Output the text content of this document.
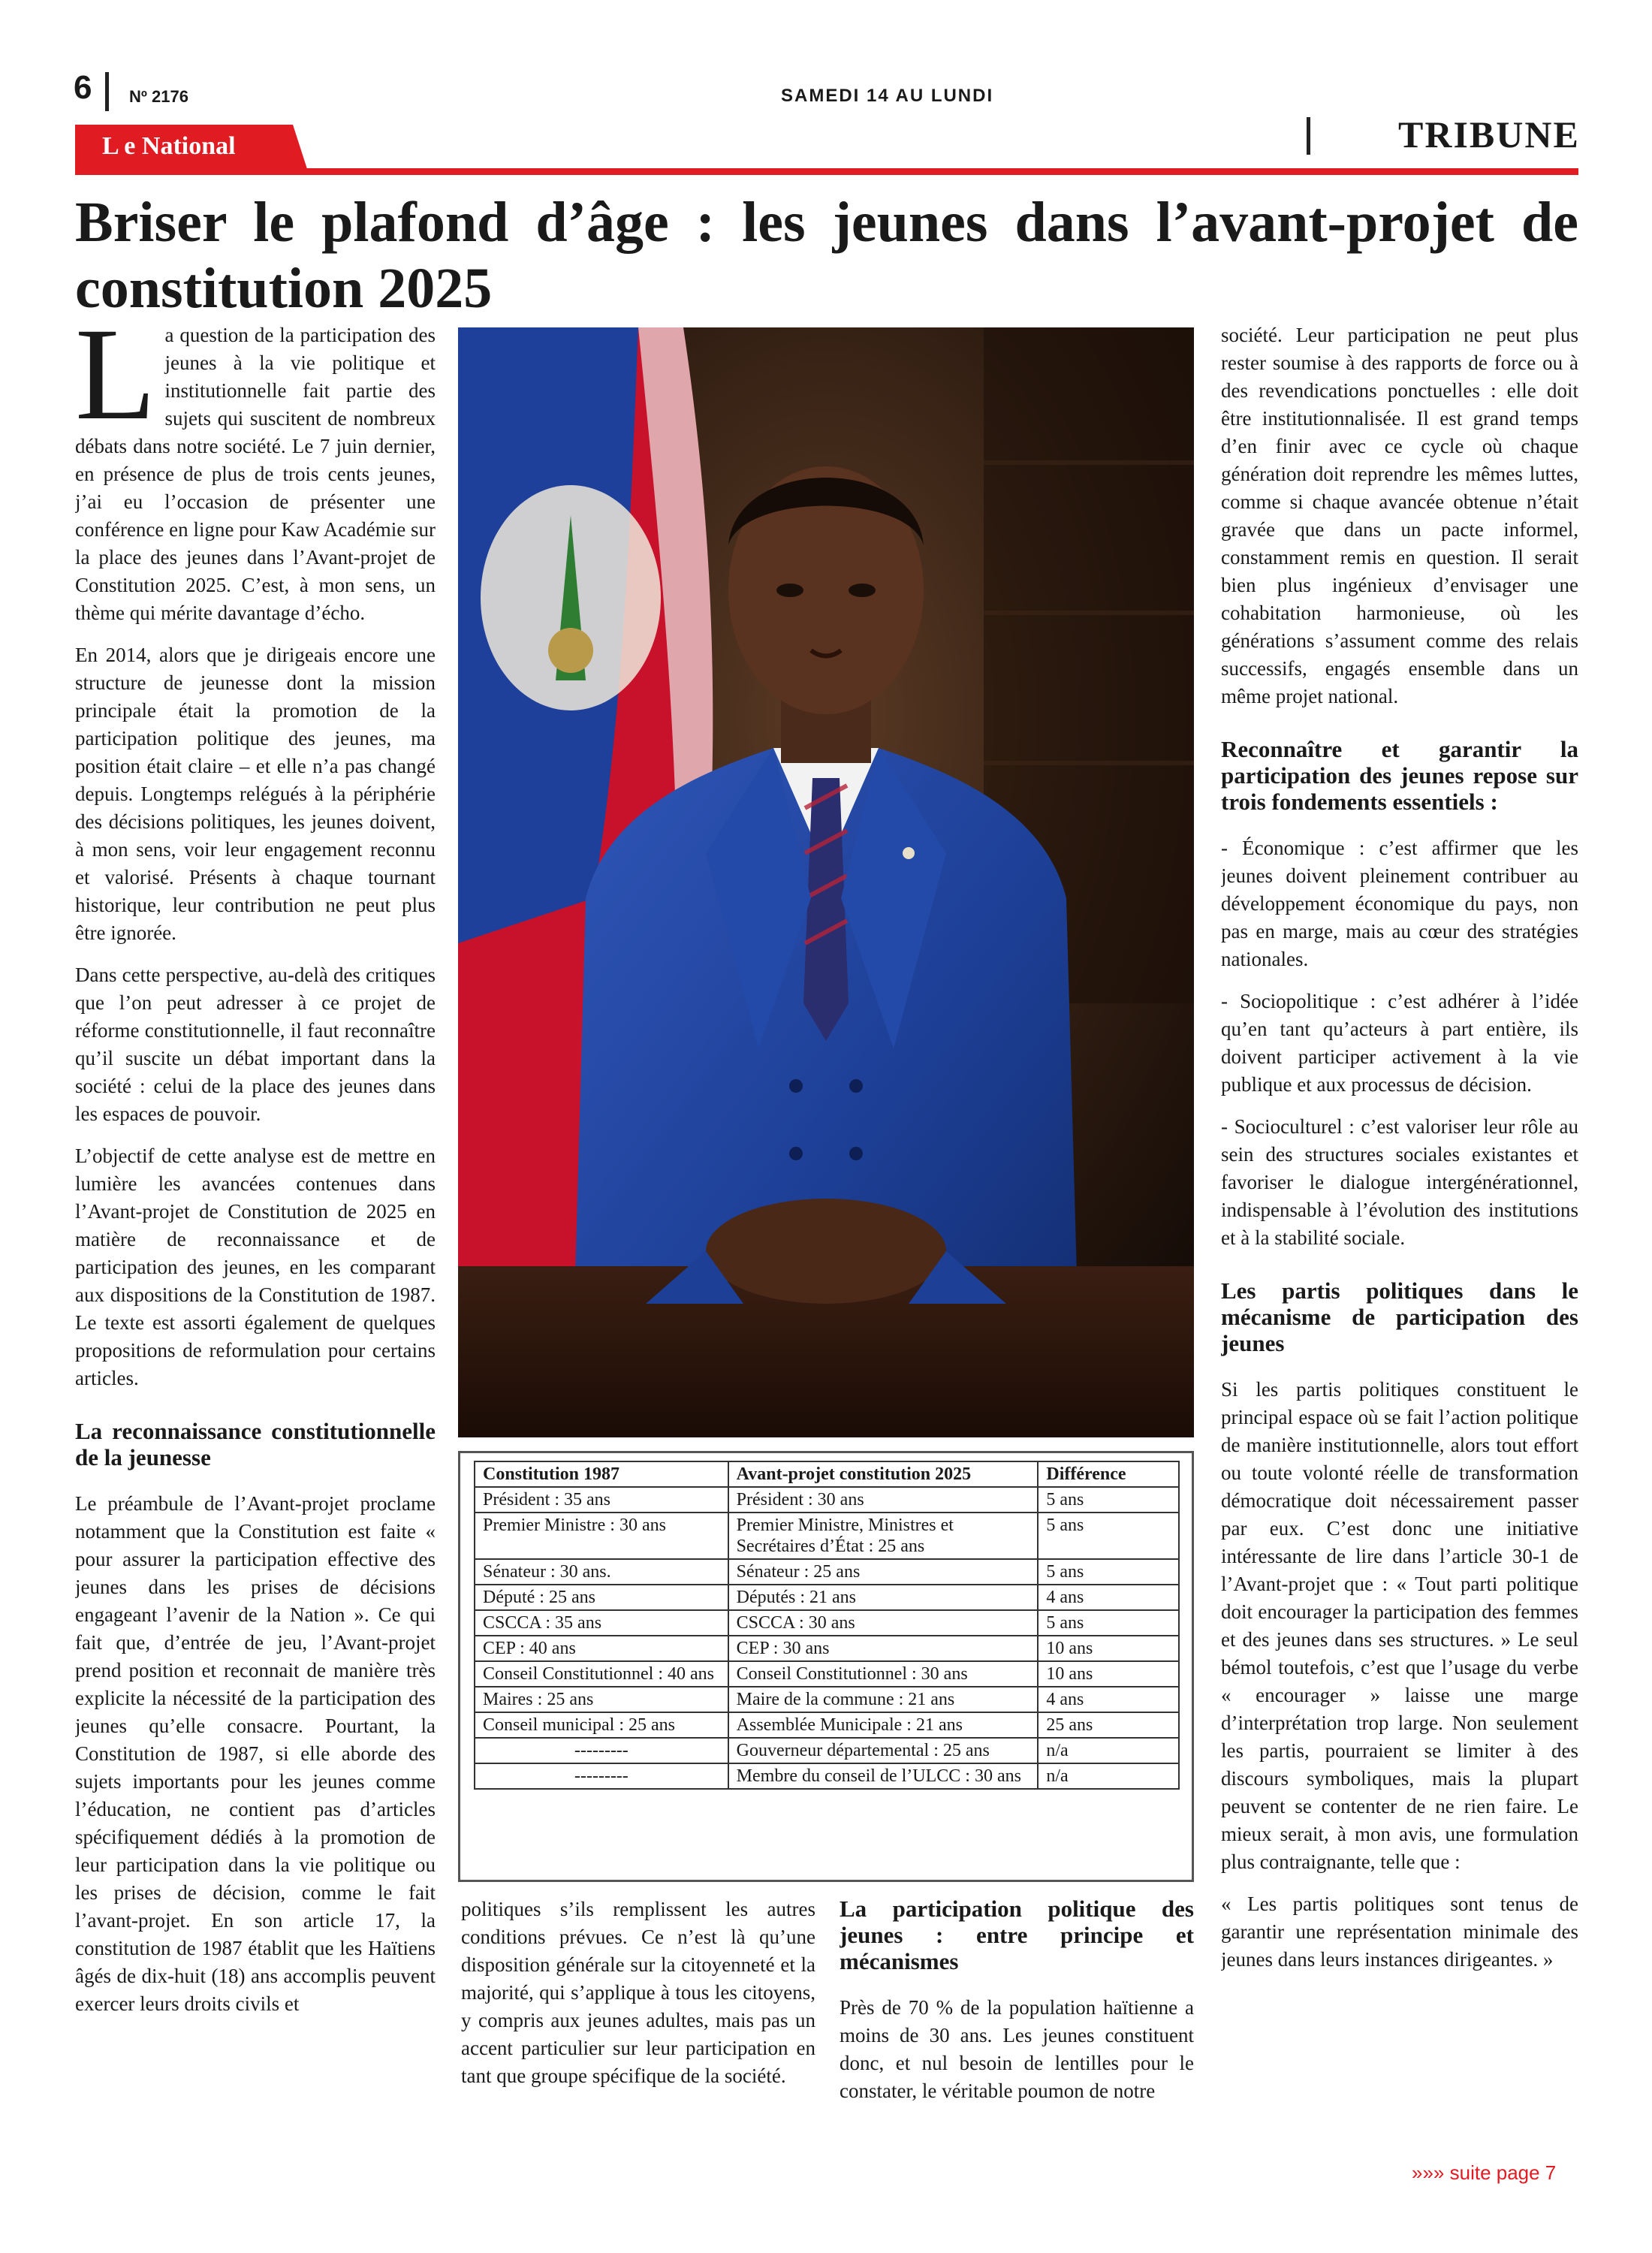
6 Nº 2176	SAMEDI 14 AU LUNDI
L e National	TRIBUNE
Briser le plafond d’âge : les jeunes dans l’avant-projet de constitution 2025

La question de la participation des jeunes à la vie politique et institutionnelle fait partie des sujets qui suscitent de nombreux débats dans notre société. Le 7 juin dernier, en présence de plus de trois cents jeunes, j’ai eu l’occasion de présenter une conférence en ligne pour Kaw Académie sur la place des jeunes dans l’Avant-projet de Constitution 2025. C’est, à mon sens, un thème qui mérite davantage d’écho.

En 2014, alors que je dirigeais encore une structure de jeunesse dont la mission principale était la promotion de la participation politique des jeunes, ma position était claire – et elle n’a pas changé depuis. Longtemps relégués à la périphérie des décisions politiques, les jeunes doivent, à mon sens, voir leur engagement reconnu et valorisé. Présents à chaque tournant historique, leur contribution ne peut plus être ignorée.

Dans cette perspective, au-delà des critiques que l’on peut adresser à ce projet de réforme constitutionnelle, il faut reconnaître qu’il suscite un débat important dans la société : celui de la place des jeunes dans les espaces de pouvoir.

L’objectif de cette analyse est de mettre en lumière les avancées contenues dans l’Avant-projet de Constitution de 2025 en matière de reconnaissance et de participation des jeunes, en les comparant aux dispositions de la Constitution de 1987. Le texte est assorti également de quelques propositions de reformulation pour certains articles.

La reconnaissance constitutionnelle de la jeunesse

Le préambule de l’Avant-projet proclame notamment que la Constitution est faite « pour assurer la participation effective des jeunes dans les prises de décisions engageant l’avenir de la Nation ». Ce qui fait que, d’entrée de jeu, l’Avant-projet prend position et reconnait de manière très explicite la nécessité de la participation des jeunes qu’elle consacre. Pourtant, la Constitution de 1987, si elle aborde des sujets importants pour les jeunes comme l’éducation, ne contient pas d’articles spécifiquement dédiés à la promotion de leur participation dans la vie politique ou les prises de décision, comme le fait l’avant-projet. En son article 17, la constitution de 1987 établit que les Haïtiens âgés de dix-huit (18) ans accomplis peuvent exercer leurs droits civils et

Constitution 1987	Avant-projet constitution 2025	Différence
Président : 35 ans	Président : 30 ans	5 ans
Premier Ministre : 30 ans	Premier Ministre, Ministres et Secrétaires d’État : 25 ans	5 ans
Sénateur : 30 ans.	Sénateur : 25 ans	5 ans
Député : 25 ans	Députés : 21 ans	4 ans
CSCCA : 35 ans	CSCCA : 30 ans	5 ans
CEP : 40 ans	CEP : 30 ans	10 ans
Conseil Constitutionnel : 40 ans	Conseil Constitutionnel : 30 ans	10 ans
Maires : 25 ans	Maire de la commune : 21 ans	4 ans
Conseil municipal : 25 ans	Assemblée Municipale : 21 ans	25 ans
---------	Gouverneur départemental : 25 ans	n/a
---------	Membre du conseil de l’ULCC : 30 ans	n/a

politiques s’ils remplissent les autres conditions prévues. Ce n’est là qu’une disposition générale sur la citoyenneté et la majorité, qui s’applique à tous les citoyens, y compris aux jeunes adultes, mais pas un accent particulier sur leur participation en tant que groupe spécifique de la société.

La participation politique des jeunes : entre principe et mécanismes

Près de 70 % de la population haïtienne a moins de 30 ans. Les jeunes constituent donc, et nul besoin de lentilles pour le constater, le véritable poumon de notre

société. Leur participation ne peut plus rester soumise à des rapports de force ou à des revendications ponctuelles : elle doit être institutionnalisée. Il est grand temps d’en finir avec ce cycle où chaque génération doit reprendre les mêmes luttes, comme si chaque avancée obtenue n’était gravée que dans un pacte informel, constamment remis en question. Il serait bien plus ingénieux d’envisager une cohabitation harmonieuse, où les générations s’assument comme des relais successifs, engagés ensemble dans un même projet national.

Reconnaître et garantir la participation des jeunes repose sur trois fondements essentiels :

- Économique : c’est affirmer que les jeunes doivent pleinement contribuer au développement économique du pays, non pas en marge, mais au cœur des stratégies nationales.

- Sociopolitique : c’est adhérer à l’idée qu’en tant qu’acteurs à part entière, ils doivent participer activement à la vie publique et aux processus de décision.

- Socioculturel : c’est valoriser leur rôle au sein des structures sociales existantes et favoriser le dialogue intergénérationnel, indispensable à l’évolution des institutions et à la stabilité sociale.

Les partis politiques dans le mécanisme de participation des jeunes

Si les partis politiques constituent le principal espace où se fait l’action politique de manière institutionnelle, alors tout effort ou toute volonté réelle de transformation démocratique doit nécessairement passer par eux. C’est donc une initiative intéressante de lire dans l’article 30-1 de l’Avant-projet que : « Tout parti politique doit encourager la participation des femmes et des jeunes dans ses structures. » Le seul bémol toutefois, c’est que l’usage du verbe « encourager » laisse une marge d’interprétation trop large. Non seulement les partis, pourraient se limiter à des discours symboliques, mais la plupart peuvent se contenter de ne rien faire. Le mieux serait, à mon avis, une formulation plus contraignante, telle que :

« Les partis politiques sont tenus de garantir une représentation minimale des jeunes dans leurs instances dirigeantes. »

»»» suite page 7
